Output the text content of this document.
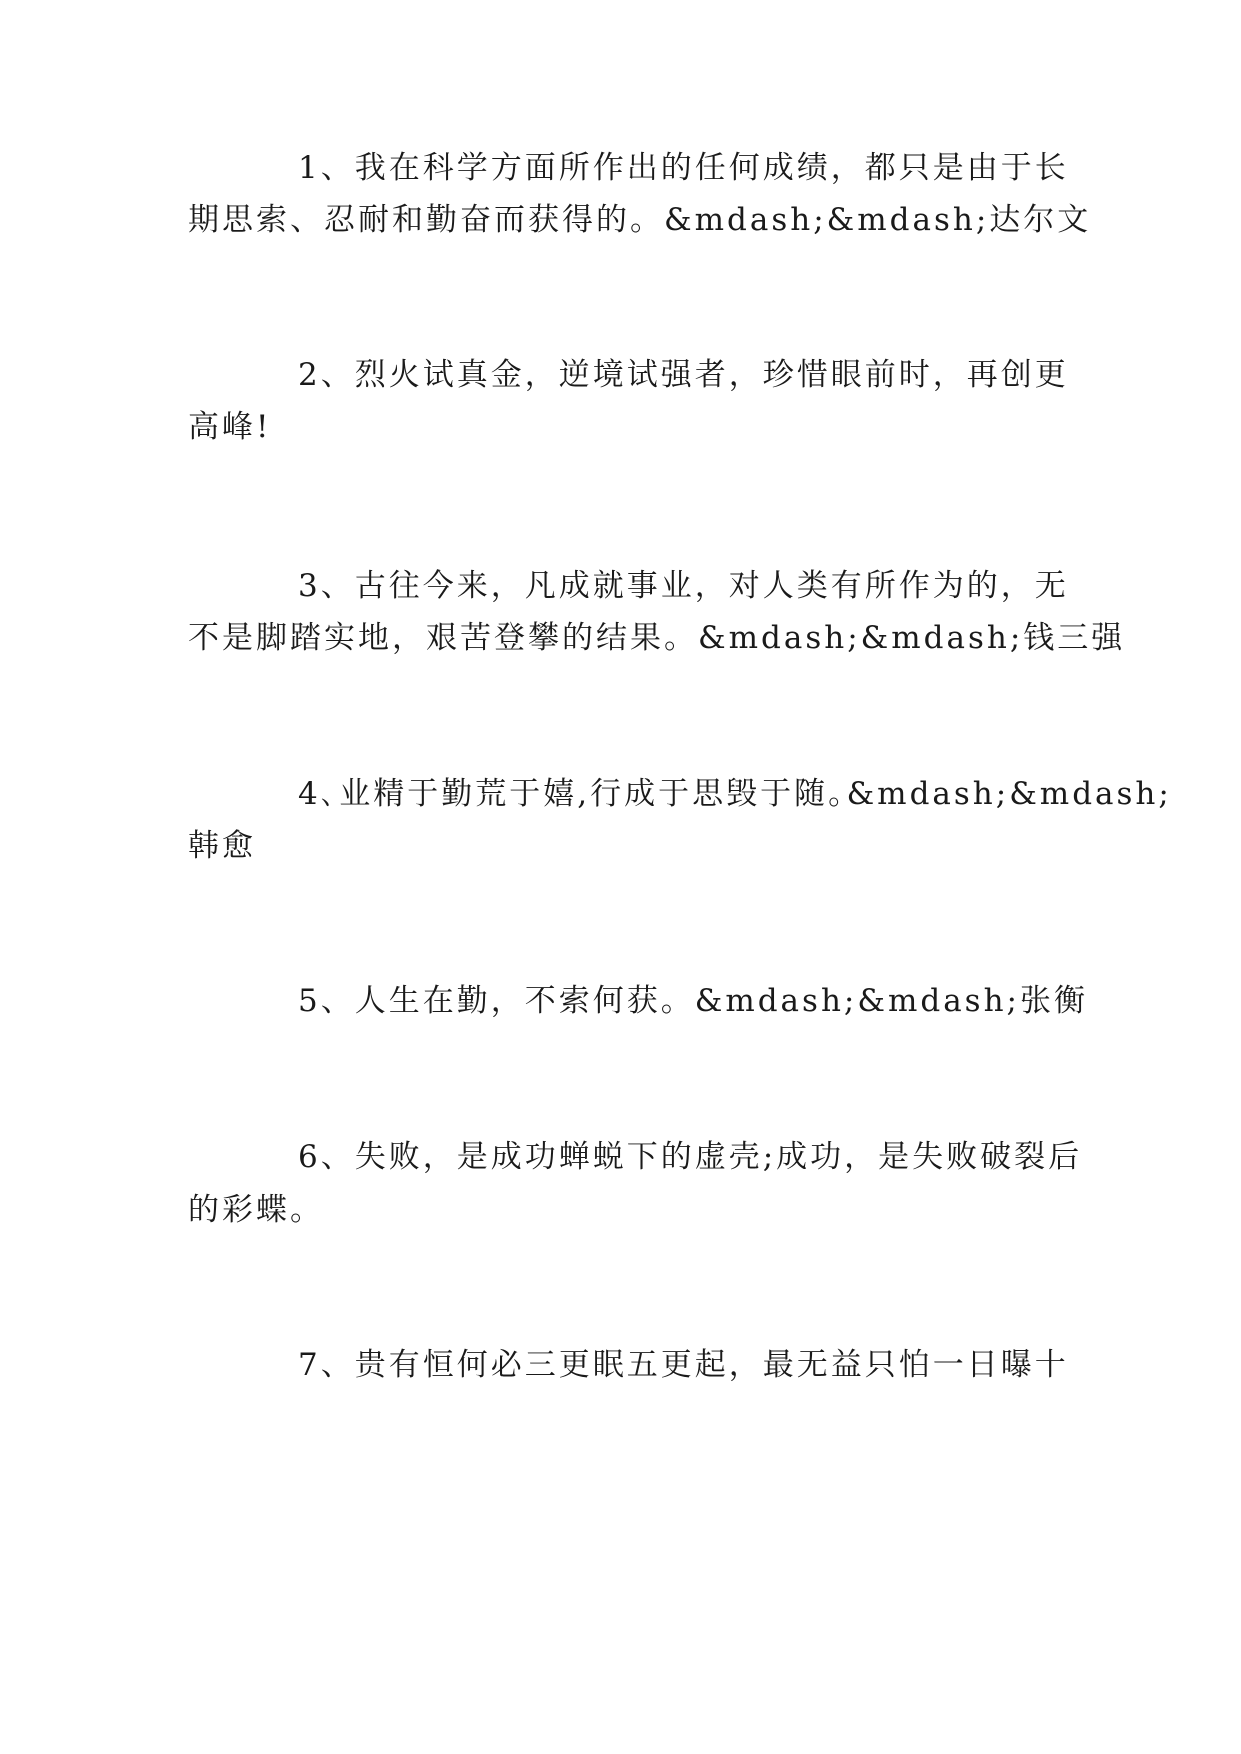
1、我在科学方面所作出的任何成绩，都只是由于长
期思索、忍耐和勤奋而获得的。&mdash;&mdash;达尔文
2、烈火试真金，逆境试强者，珍惜眼前时，再创更
高峰!
3、古往今来，凡成就事业，对人类有所作为的，无
不是脚踏实地，艰苦登攀的结果。&mdash;&mdash;钱三强
4､业精于勤荒于嬉,行成于思毁于随｡&mdash;&mdash;
韩愈
5、人生在勤，不索何获。&mdash;&mdash;张衡
6、失败，是成功蝉蜕下的虚壳;成功，是失败破裂后
的彩蝶。
7、贵有恒何必三更眠五更起，最无益只怕一日曝十
